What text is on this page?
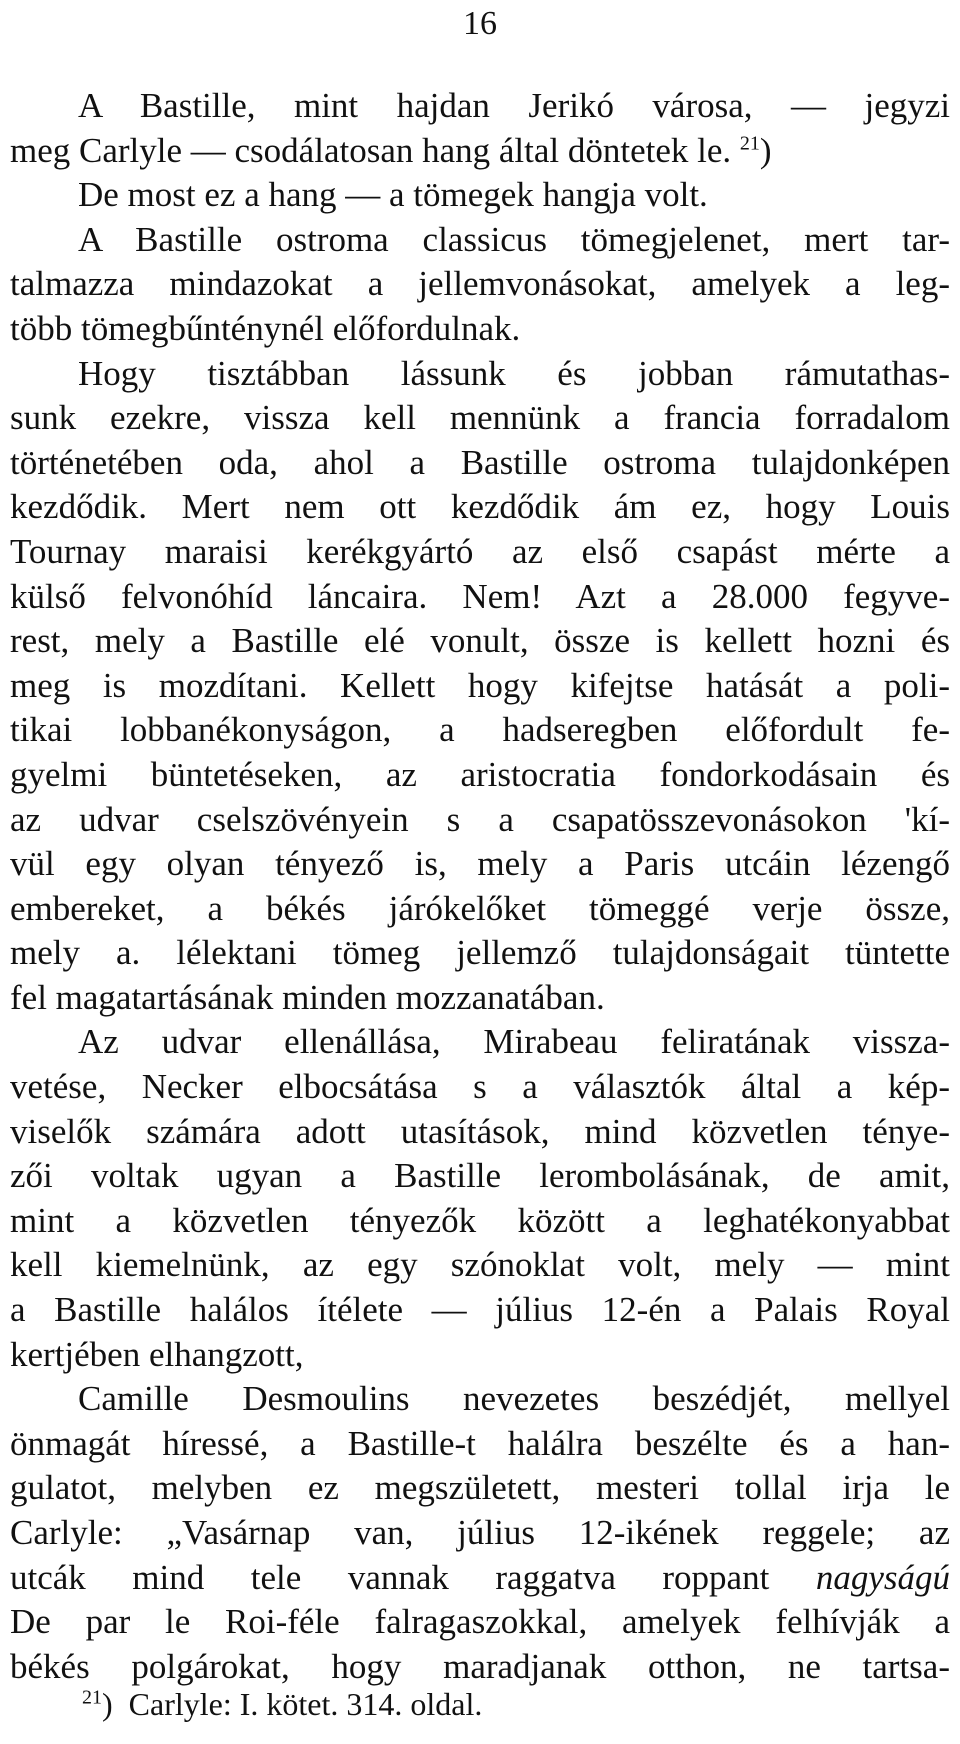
16
A Bastille, mint hajdan Jerikó városa, — jegyzi
meg Carlyle — csodálatosan hang által döntetek le. $^{21}$)
De most ez a hang — a tömegek hangja volt.
A Bastille ostroma classicus tömegjelenet, mert tar-
talmazza mindazokat a jellemvonásokat, amelyek a leg-
több tömegbűnténynél előfordulnak.
Hogy tisztábban lássunk és jobban rámutathas-
sunk ezekre, vissza kell mennünk a francia forradalom
történetében oda, ahol a Bastille ostroma tulajdonképen
kezdődik. Mert nem ott kezdődik ám ez, hogy Louis
Tournay maraisi kerékgyártó az első csapást mérte a
külső felvonóhíd láncaira. Nem! Azt a 28.000 fegyve-
rest, mely a Bastille elé vonult, össze is kellett hozni és
meg is mozdítani. Kellett hogy kifejtse hatását a poli-
tikai lobbanékonyságon, a hadseregben előfordult fe-
gyelmi büntetéseken, az aristocratia fondorkodásain és
az udvar cselszövényein s a csapatösszevonásokon 'kí-
vül egy olyan tényező is, mely a Paris utcáin lézengő
embereket, a békés járókelőket tömeggé verje össze,
mely a. lélektani tömeg jellemző tulajdonságait tüntette
fel magatartásának minden mozzanatában.
Az udvar ellenállása, Mirabeau feliratának vissza-
vetése, Necker elbocsátása s a választók által a kép-
viselők számára adott utasítások, mind közvetlen ténye-
zői voltak ugyan a Bastille lerombolásának, de amit,
mint a közvetlen tényezők között a leghatékonyabbat
kell kiemelnünk, az egy szónoklat volt, mely — mint
a Bastille halálos ítélete — július 12-én a Palais Royal
kertjében elhangzott,
Camille Desmoulins nevezetes beszédjét, mellyel
önmagát híressé, a Bastille-t halálra beszélte és a han-
gulatot, melyben ez megszületett, mesteri tollal irja le
Carlyle: „Vasárnap van, július 12-ikének reggele; az
utcák mind tele vannak raggatva roppant nagyságú
De par le Roi-féle falragaszokkal, amelyek felhívják a
békés polgárokat, hogy maradjanak otthon, ne tartsa-
$^{21}$) Carlyle: I. kötet. 314. oldal.
